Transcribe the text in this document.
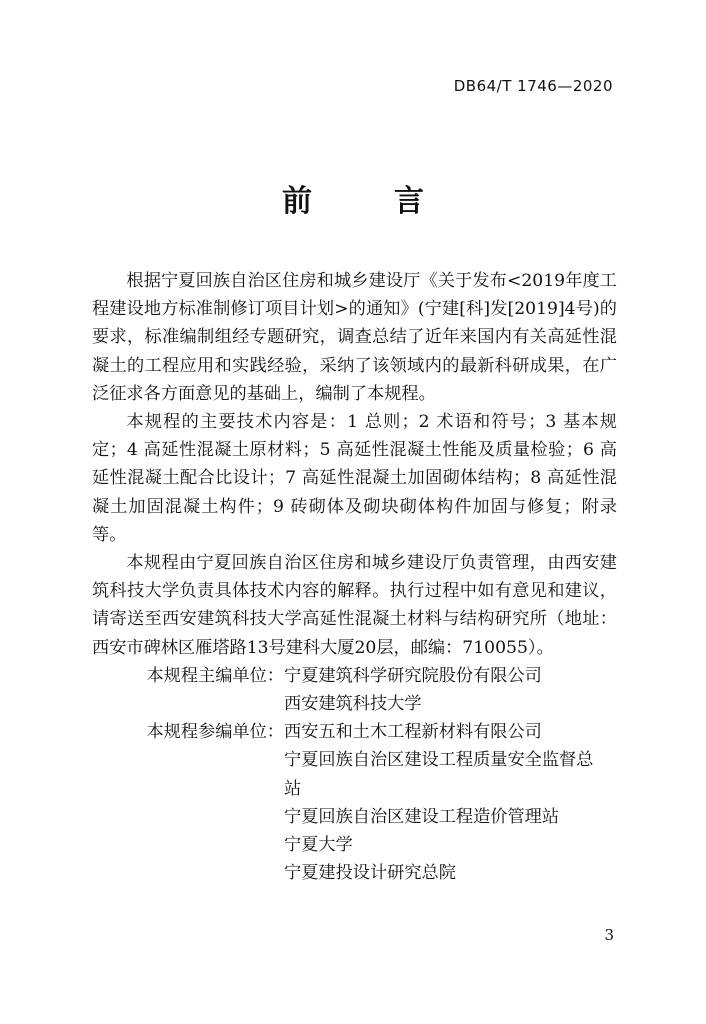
DB64/T 1746—2020
前　言

根据宁夏回族自治区住房和城乡建设厅《关于发布<2019年度工程建设地方标准制修订项目计划>的通知》(宁建[科]发[2019]4号)的要求，标准编制组经专题研究，调查总结了近年来国内有关高延性混凝土的工程应用和实践经验，采纳了该领域内的最新科研成果，在广泛征求各方面意见的基础上，编制了本规程。

本规程的主要技术内容是：1 总则；2 术语和符号；3 基本规定；4 高延性混凝土原材料；5 高延性混凝土性能及质量检验；6 高延性混凝土配合比设计；7 高延性混凝土加固砌体结构；8 高延性混凝土加固混凝土构件；9 砖砌体及砌块砌体构件加固与修复；附录等。

本规程由宁夏回族自治区住房和城乡建设厅负责管理，由西安建筑科技大学负责具体技术内容的解释。执行过程中如有意见和建议，请寄送至西安建筑科技大学高延性混凝土材料与结构研究所（地址：西安市碑林区雁塔路13号建科大厦20层，邮编：710055）。

本规程主编单位： 宁夏建筑科学研究院股份有限公司
西安建筑科技大学
本规程参编单位： 西安五和土木工程新材料有限公司
宁夏回族自治区建设工程质量安全监督总站
宁夏回族自治区建设工程造价管理站
宁夏大学
宁夏建投设计研究总院
3
